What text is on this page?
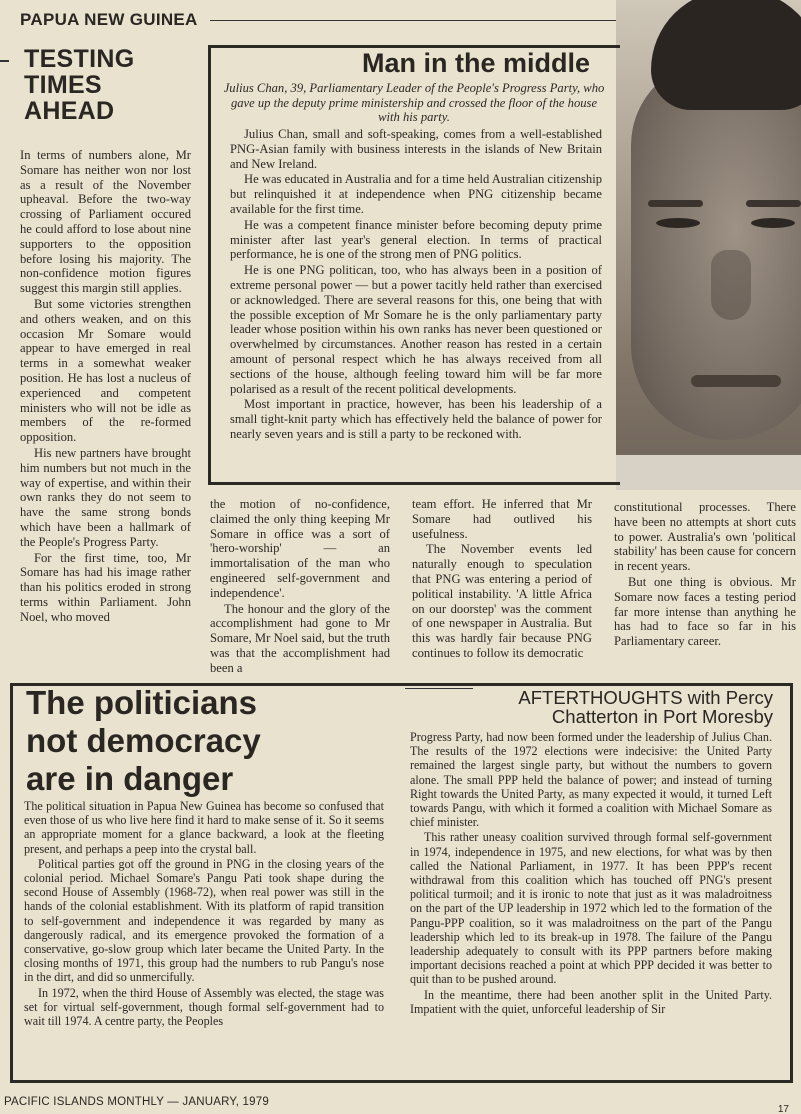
PAPUA NEW GUINEA
TESTING
TIMES
AHEAD

In terms of numbers alone, Mr Somare has neither won nor lost as a result of the November upheaval. Before the two-way crossing of Parliament occured he could afford to lose about nine supporters to the opposition before losing his majority. The non-confidence motion figures suggest this margin still applies.

But some victories strengthen and others weaken, and on this occasion Mr Somare would appear to have emerged in real terms in a somewhat weaker position. He has lost a nucleus of experienced and competent ministers who will not be idle as members of the re-formed opposition.

His new partners have brought him numbers but not much in the way of expertise, and within their own ranks they do not seem to have the same strong bonds which have been a hallmark of the People's Progress Party.

For the first time, too, Mr Somare has had his image rather than his politics eroded in strong terms within Parliament. John Noel, who moved

the motion of no-confidence, claimed the only thing keeping Mr Somare in office was a sort of 'hero-worship' — an immortalisation of the man who engineered self-government and independence'.

The honour and the glory of the accomplishment had gone to Mr Somare, Mr Noel said, but the truth was that the accomplishment had been a

team effort. He inferred that Mr Somare had outlived his usefulness.

The November events led naturally enough to speculation that PNG was entering a period of political instability. 'A little Africa on our doorstep' was the comment of one newspaper in Australia. But this was hardly fair because PNG continues to follow its democratic

constitutional processes. There have been no attempts at short cuts to power. Australia's own 'political stability' has been cause for concern in recent years.

But one thing is obvious. Mr Somare now faces a testing period far more intense than anything he has had to face so far in his Parliamentary career.

Man in the middle
Julius Chan, 39, Parliamentary Leader of the People's Progress Party, who gave up the deputy prime ministership and crossed the floor of the house with his party.

Julius Chan, small and soft-speaking, comes from a well-established PNG-Asian family with business interests in the islands of New Britain and New Ireland.

He was educated in Australia and for a time held Australian citizenship but relinquished it at independence when PNG citizenship became available for the first time.

He was a competent finance minister before becoming deputy prime minister after last year's general election. In terms of practical performance, he is one of the strong men of PNG politics.

He is one PNG politican, too, who has always been in a position of extreme personal power — but a power tacitly held rather than exercised or acknowledged. There are several reasons for this, one being that with the possible exception of Mr Somare he is the only parliamentary party leader whose position within his own ranks has never been questioned or overwhelmed by circumstances. Another reason has rested in a certain amount of personal respect which he has always received from all sections of the house, although feeling toward him will be far more polarised as a result of the recent political developments.

Most important in practice, however, has been his leadership of a small tight-knit party which has effectively held the balance of power for nearly seven years and is still a party to be reckoned with.

The politicians
not democracy
are in danger
AFTERTHOUGHTS with Percy
Chatterton in Port Moresby

The political situation in Papua New Guinea has become so confused that even those of us who live here find it hard to make sense of it. So it seems an appropriate moment for a glance backward, a look at the fleeting present, and perhaps a peep into the crystal ball.

Political parties got off the ground in PNG in the closing years of the colonial period. Michael Somare's Pangu Pati took shape during the second House of Assembly (1968-72), when real power was still in the hands of the colonial establishment. With its platform of rapid transition to self-government and independence it was regarded by many as dangerously radical, and its emergence provoked the formation of a conservative, go-slow group which later became the United Party. In the closing months of 1971, this group had the numbers to rub Pangu's nose in the dirt, and did so unmercifully.

In 1972, when the third House of Assembly was elected, the stage was set for virtual self-government, though formal self-government had to wait till 1974. A centre party, the Peoples

Progress Party, had now been formed under the leadership of Julius Chan. The results of the 1972 elections were indecisive: the United Party remained the largest single party, but without the numbers to govern alone. The small PPP held the balance of power; and instead of turning Right towards the United Party, as many expected it would, it turned Left towards Pangu, with which it formed a coalition with Michael Somare as chief minister.

This rather uneasy coalition survived through formal self-government in 1974, independence in 1975, and new elections, for what was by then called the National Parliament, in 1977. It has been PPP's recent withdrawal from this coalition which has touched off PNG's present political turmoil; and it is ironic to note that just as it was maladroitness on the part of the UP leadership in 1972 which led to the formation of the Pangu-PPP coalition, so it was maladroitness on the part of the Pangu leadership which led to its break-up in 1978. The failure of the Pangu leadership adequately to consult with its PPP partners before making important decisions reached a point at which PPP decided it was better to quit than to be pushed around.

In the meantime, there had been another split in the United Party. Impatient with the quiet, unforceful leadership of Sir

PACIFIC ISLANDS MONTHLY — JANUARY, 1979
17
